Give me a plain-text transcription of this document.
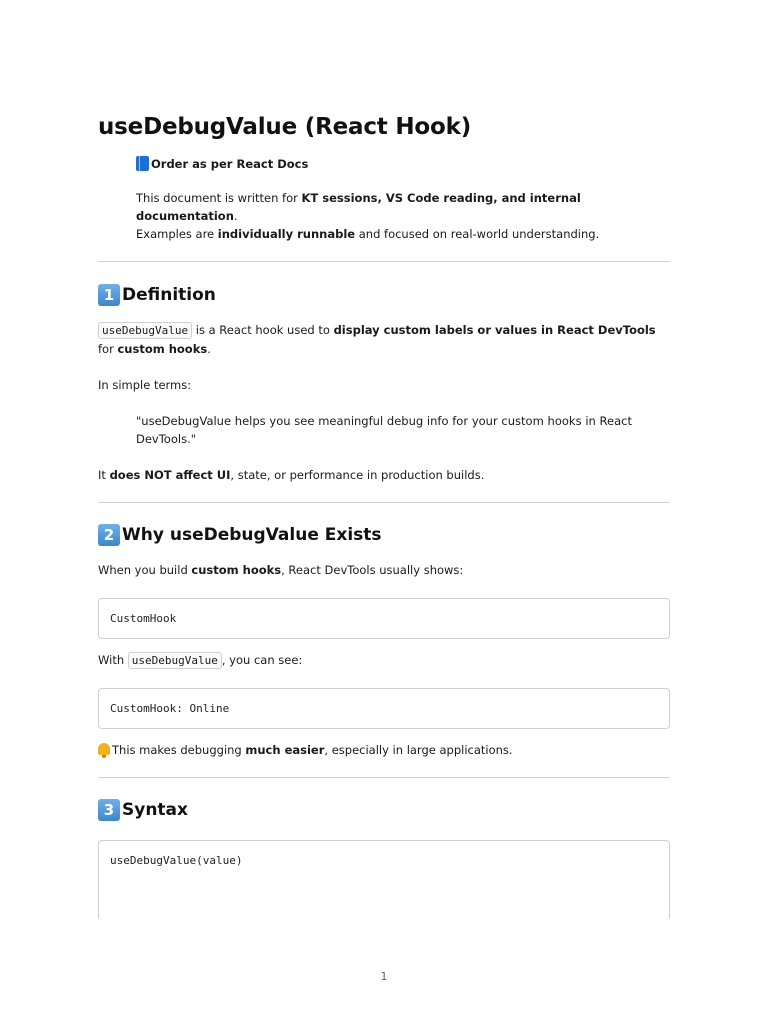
useDebugValue (React Hook)
Order as per React Docs

This document is written for KT sessions, VS Code reading, and internal documentation.
Examples are individually runnable and focused on real-world understanding.

1 Definition

useDebugValue is a React hook used to display custom labels or values in React DevTools for custom hooks.

In simple terms:

"useDebugValue helps you see meaningful debug info for your custom hooks in React DevTools."

It does NOT affect UI, state, or performance in production builds.

2 Why useDebugValue Exists

When you build custom hooks, React DevTools usually shows:

CustomHook

With useDebugValue , you can see:

CustomHook: Online

This makes debugging much easier, especially in large applications.

3 Syntax
useDebugValue(value)
1
